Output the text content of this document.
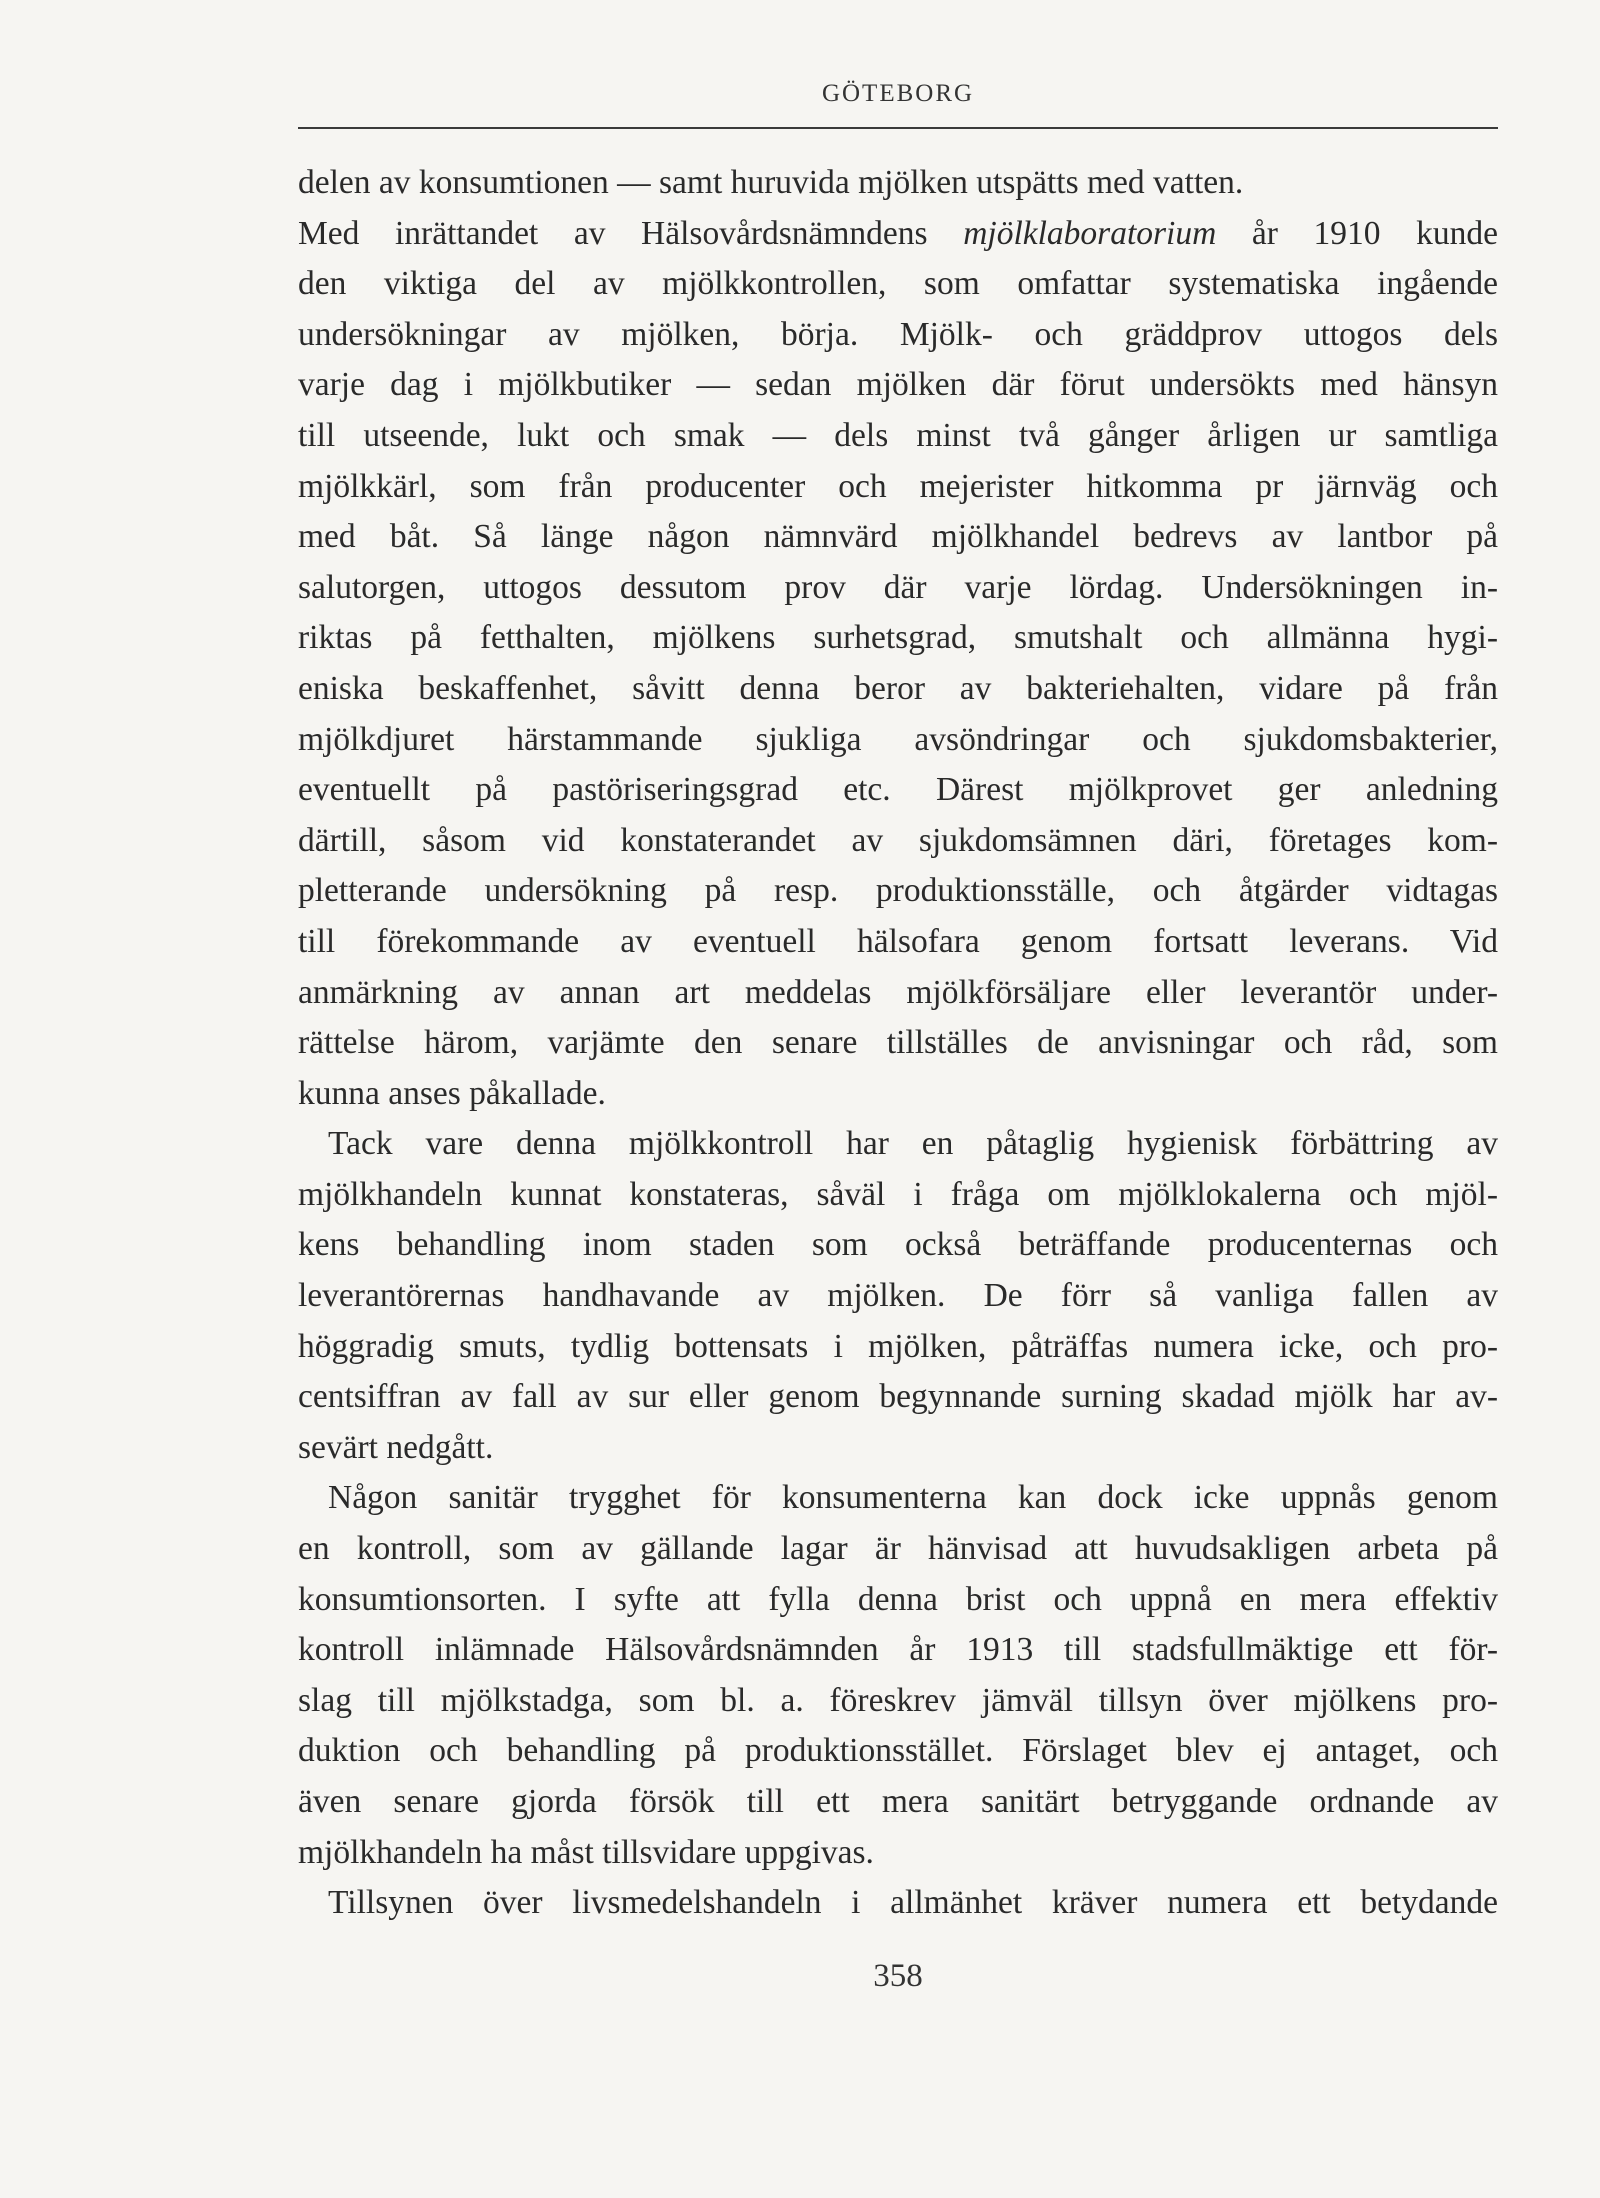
GÖTEBORG
delen av konsumtionen — samt huruvida mjölken utspätts med vatten.
Med inrättandet av Hälsovårdsnämndens mjölklaboratorium år 1910 kunde
den viktiga del av mjölkkontrollen, som omfattar systematiska ingående
undersökningar av mjölken, börja. Mjölk- och gräddprov uttogos dels
varje dag i mjölkbutiker — sedan mjölken där förut undersökts med hänsyn
till utseende, lukt och smak — dels minst två gånger årligen ur samtliga
mjölkkärl, som från producenter och mejerister hitkomma pr järnväg och
med båt. Så länge någon nämnvärd mjölkhandel bedrevs av lantbor på
salutorgen, uttogos dessutom prov där varje lördag. Undersökningen in-
riktas på fetthalten, mjölkens surhetsgrad, smutshalt och allmänna hygi-
eniska beskaffenhet, såvitt denna beror av bakteriehalten, vidare på från
mjölkdjuret härstammande sjukliga avsöndringar och sjukdomsbakterier,
eventuellt på pastöriseringsgrad etc. Därest mjölkprovet ger anledning
därtill, såsom vid konstaterandet av sjukdomsämnen däri, företages kom-
pletterande undersökning på resp. produktionsställe, och åtgärder vidtagas
till förekommande av eventuell hälsofara genom fortsatt leverans. Vid
anmärkning av annan art meddelas mjölkförsäljare eller leverantör under-
rättelse härom, varjämte den senare tillställes de anvisningar och råd, som
kunna anses påkallade.
Tack vare denna mjölkkontroll har en påtaglig hygienisk förbättring av
mjölkhandeln kunnat konstateras, såväl i fråga om mjölklokalerna och mjöl-
kens behandling inom staden som också beträffande producenternas och
leverantörernas handhavande av mjölken. De förr så vanliga fallen av
höggradig smuts, tydlig bottensats i mjölken, påträffas numera icke, och pro-
centsiffran av fall av sur eller genom begynnande surning skadad mjölk har av-
sevärt nedgått.
Någon sanitär trygghet för konsumenterna kan dock icke uppnås genom
en kontroll, som av gällande lagar är hänvisad att huvudsakligen arbeta på
konsumtionsorten. I syfte att fylla denna brist och uppnå en mera effektiv
kontroll inlämnade Hälsovårdsnämnden år 1913 till stadsfullmäktige ett för-
slag till mjölkstadga, som bl. a. föreskrev jämväl tillsyn över mjölkens pro-
duktion och behandling på produktionsstället. Förslaget blev ej antaget, och
även senare gjorda försök till ett mera sanitärt betryggande ordnande av
mjölkhandeln ha måst tillsvidare uppgivas.
Tillsynen över livsmedelshandeln i allmänhet kräver numera ett betydande
358
